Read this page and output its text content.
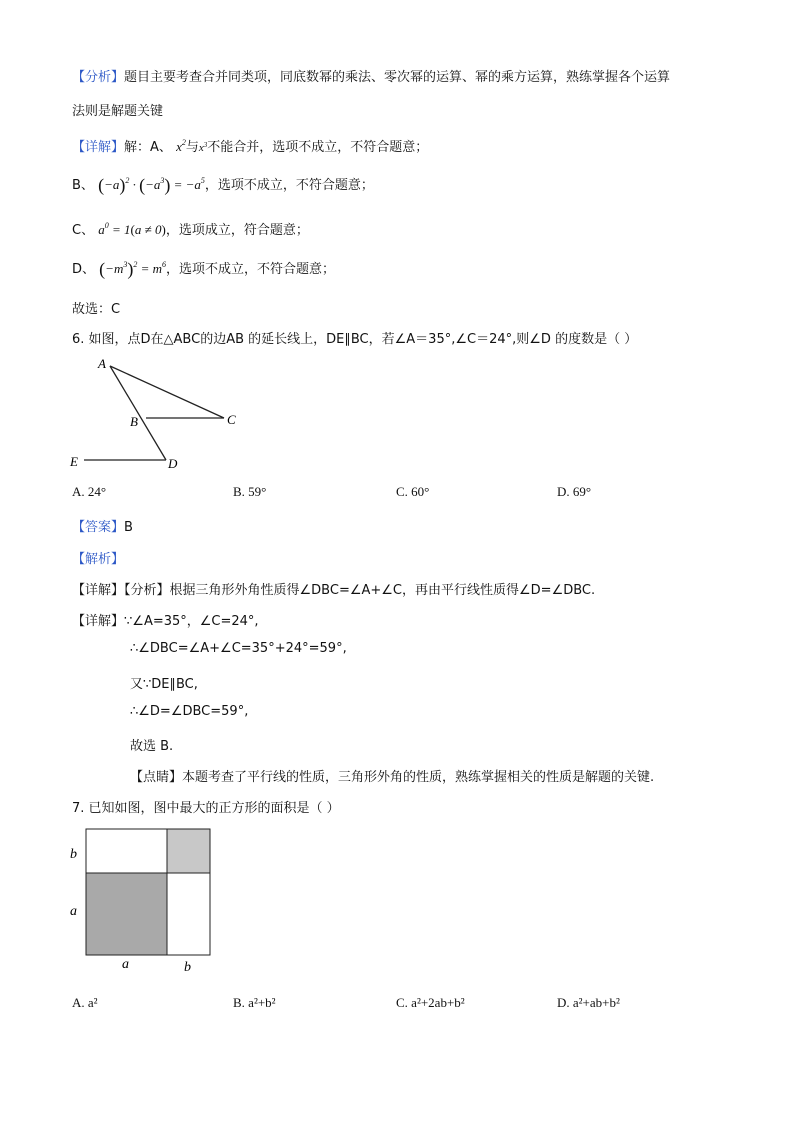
【分析】题目主要考查合并同类项，同底数幂的乘法、零次幂的运算、幂的乘方运算，熟练掌握各个运算
法则是解题关键
【详解】解：A、 $x^2$与$x^3$不能合并，选项不成立，不符合题意；
B、 $(-a)^2 \cdot (-a^3) = -a^5$，选项不成立，不符合题意；
C、 $a^0 = 1(a \ne 0)$，选项成立，符合题意；
D、 $(-m^3)^2 = m^6$，选项不成立，不符合题意；
故选：C
6. 如图，点D在△ABC的边AB 的延长线上，DE∥BC，若∠A＝35°,∠C＝24°,则∠D 的度数是（ ）
A
B	C
D
E
A. 24°	B. 59°	C. 60°	D. 69°
【答案】B
【解析】
【详解】【分析】根据三角形外角性质得∠DBC=∠A+∠C，再由平行线性质得∠D=∠DBC.
【详解】∵∠A=35°，∠C=24°,
∴∠DBC=∠A+∠C=35°+24°=59°,
又∵DE∥BC,
∴∠D=∠DBC=59°,
故选 B.
【点睛】本题考查了平行线的性质，三角形外角的性质，熟练掌握相关的性质是解题的关键.
7. 已知如图，图中最大的正方形的面积是（ ）
b
a
a	b
A. a²	B. a²+b²	C. a²+2ab+b²	D. a²+ab+b²
